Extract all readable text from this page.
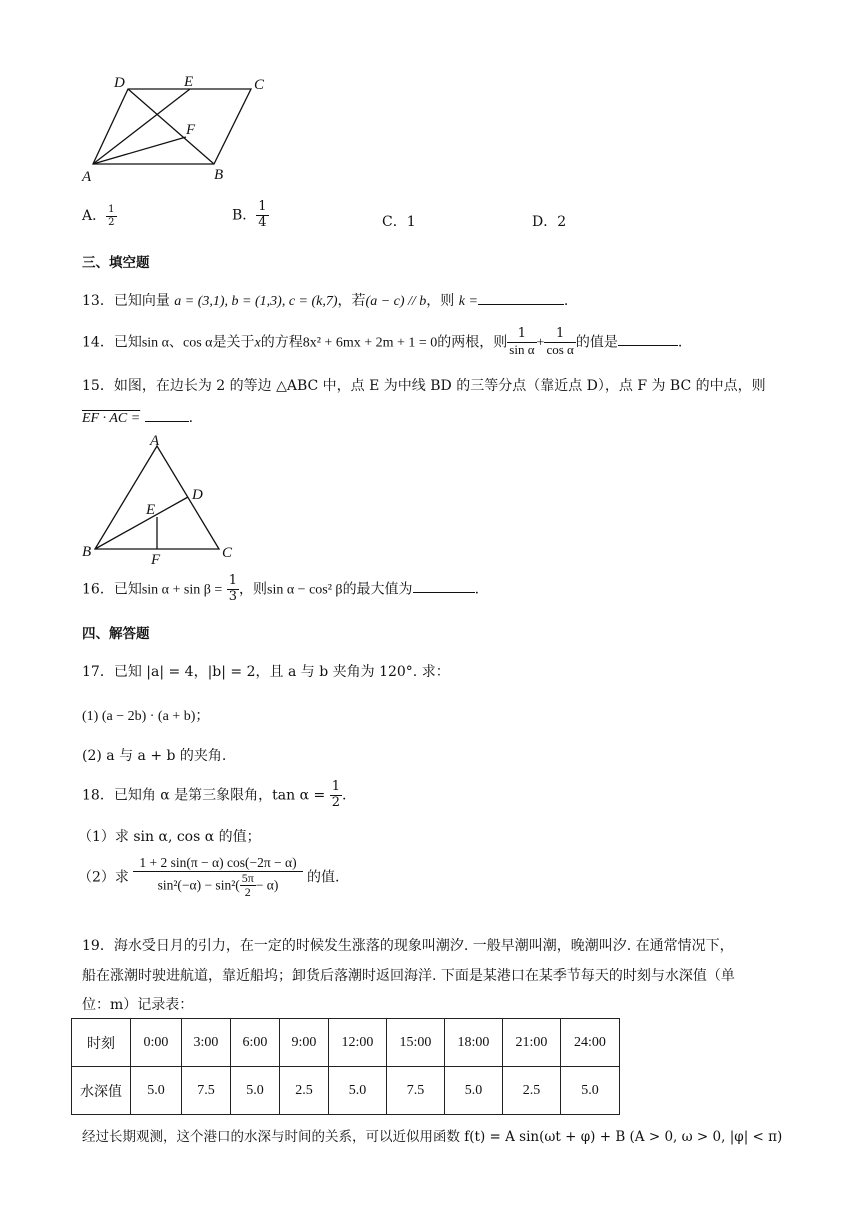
D	E	C
F
A	B
A． $\frac{1}{2}$	B． $\frac{1}{4}$	C．1	D．2
三、填空题
13．已知向量 a = (3,1), b = (1,3), c = (k,7)，若(a − c) // b，则 k =	.
14．已知sin α、cos α是关于x的方程8x² + 6mx + 2m + 1 = 0的两根，则 $\frac{1}{\text{sin α}} + \frac{1}{\text{cos α}}$ 的值是	.
15．如图，在边长为 2 的等边 △ABC 中，点 E 为中线 BD 的三等分点（靠近点 D），点 F 为 BC 的中点，则
EF · AC =	.
A
D
E
B	F	C
16．已知$\sin \alpha + \sin \beta = \frac{1}{3}$ ，则sin α − cos² β的最大值为	.
四、解答题
17．已知 |a| = 4，|b| = 2，且 a 与 b 夹角为 120°. 求：
(1) (a − 2b) · (a + b)；
(2) a 与 a + b 的夹角.
18．已知角 α 是第三象限角，$\tan \alpha = \frac{1}{2}$ .
（1）求 sin α, cos α 的值；
（2）求 $\frac{1 + 2 \sin(\pi - \alpha) \cos(-2\pi - \alpha)}{\sin^2(-\alpha) - \sin^2( \frac{5\pi}{2} - \alpha)}$ 的值.
19．海水受日月的引力，在一定的时候发生涨落的现象叫潮汐. 一般早潮叫潮，晚潮叫汐. 在通常情况下，
船在涨潮时驶进航道，靠近船坞；卸货后落潮时返回海洋. 下面是某港口在某季节每天的时刻与水深值（单
位：m）记录表：
时刻	0:00	3:00	6:00	9:00	12:00	15:00	18:00	21:00	24:00
水深值	5.0	7.5	5.0	2.5	5.0	7.5	5.0	2.5	5.0
经过长期观测，这个港口的水深与时间的关系，可以近似用函数 f(t) = A sin(ωt + φ) + B (A > 0, ω > 0, |φ| < π)
